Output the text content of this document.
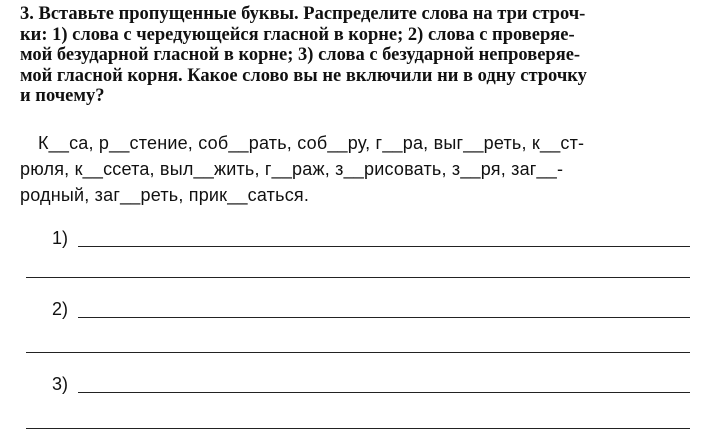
3. Вставьте пропущенные буквы. Распределите слова на три строч-
ки: 1) слова с чередующейся гласной в корне; 2) слова с проверяе-
мой безударной гласной в корне; 3) слова с безударной непроверяе-
мой гласной корня. Какое слово вы не включили ни в одну строчку
и почему?
К__са, р__стение, соб__рать, соб__ру, г__ра, выг__реть, к__ст-
рюля, к__ссета, выл__жить, г__раж, з__рисовать, з__ря, заг__-
родный, заг__реть, прик__саться.
1)
2)
3)
